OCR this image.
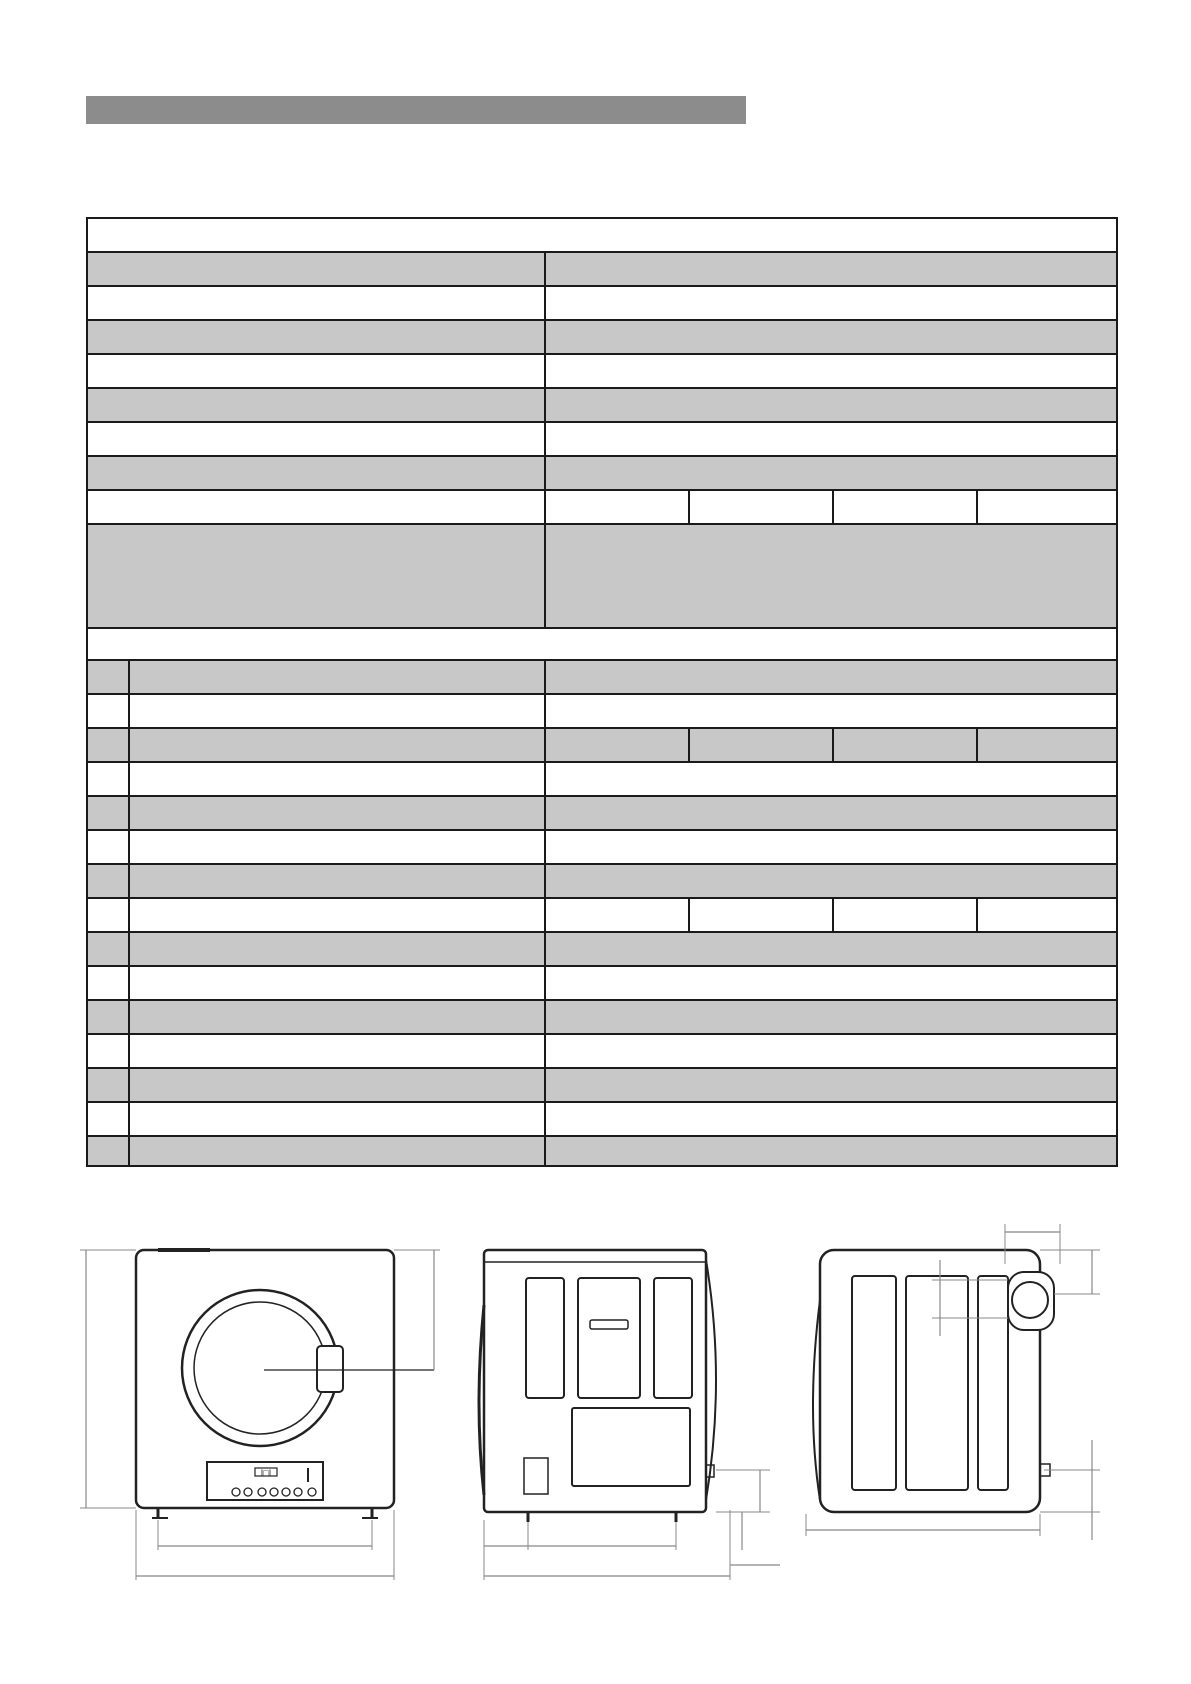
I□I
